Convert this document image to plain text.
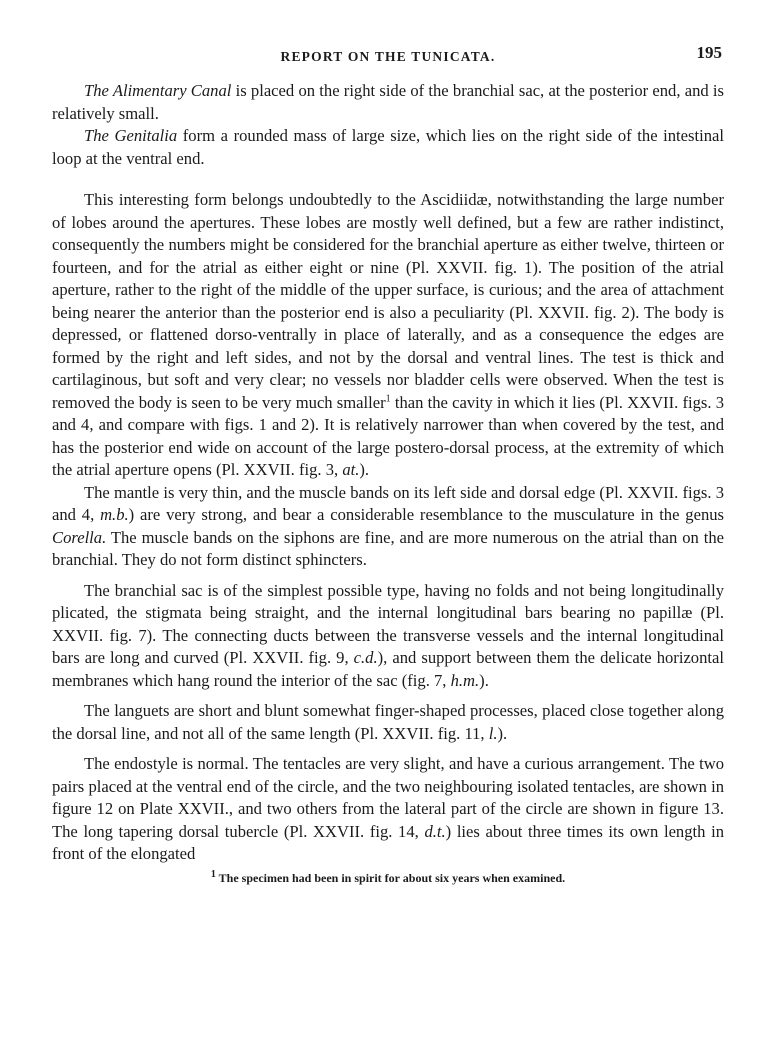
REPORT ON THE TUNICATA.	195

The Alimentary Canal is placed on the right side of the branchial sac, at the posterior end, and is relatively small.

The Genitalia form a rounded mass of large size, which lies on the right side of the intestinal loop at the ventral end.

This interesting form belongs undoubtedly to the Ascidiidæ, notwithstanding the large number of lobes around the apertures. These lobes are mostly well defined, but a few are rather indistinct, consequently the numbers might be considered for the branchial aperture as either twelve, thirteen or fourteen, and for the atrial as either eight or nine (Pl. XXVII. fig. 1). The position of the atrial aperture, rather to the right of the middle of the upper surface, is curious; and the area of attachment being nearer the anterior than the posterior end is also a peculiarity (Pl. XXVII. fig. 2). The body is depressed, or flattened dorso-ventrally in place of laterally, and as a consequence the edges are formed by the right and left sides, and not by the dorsal and ventral lines. The test is thick and cartilaginous, but soft and very clear; no vessels nor bladder cells were observed. When the test is removed the body is seen to be very much smaller$^1$ than the cavity in which it lies (Pl. XXVII. figs. 3 and 4, and compare with figs. 1 and 2). It is relatively narrower than when covered by the test, and has the posterior end wide on account of the large postero-dorsal process, at the extremity of which the atrial aperture opens (Pl. XXVII. fig. 3, at.).

The mantle is very thin, and the muscle bands on its left side and dorsal edge (Pl. XXVII. figs. 3 and 4, m.b.) are very strong, and bear a considerable resemblance to the musculature in the genus Corella. The muscle bands on the siphons are fine, and are more numerous on the atrial than on the branchial. They do not form distinct sphincters.

The branchial sac is of the simplest possible type, having no folds and not being longitudinally plicated, the stigmata being straight, and the internal longitudinal bars bearing no papillæ (Pl. XXVII. fig. 7). The connecting ducts between the transverse vessels and the internal longitudinal bars are long and curved (Pl. XXVII. fig. 9, c.d.), and support between them the delicate horizontal membranes which hang round the interior of the sac (fig. 7, h.m.).

The languets are short and blunt somewhat finger-shaped processes, placed close together along the dorsal line, and not all of the same length (Pl. XXVII. fig. 11, l.).

The endostyle is normal. The tentacles are very slight, and have a curious arrangement. The two pairs placed at the ventral end of the circle, and the two neighbouring isolated tentacles, are shown in figure 12 on Plate XXVII., and two others from the lateral part of the circle are shown in figure 13. The long tapering dorsal tubercle (Pl. XXVII. fig. 14, d.t.) lies about three times its own length in front of the elongated

$^1$ The specimen had been in spirit for about six years when examined.
